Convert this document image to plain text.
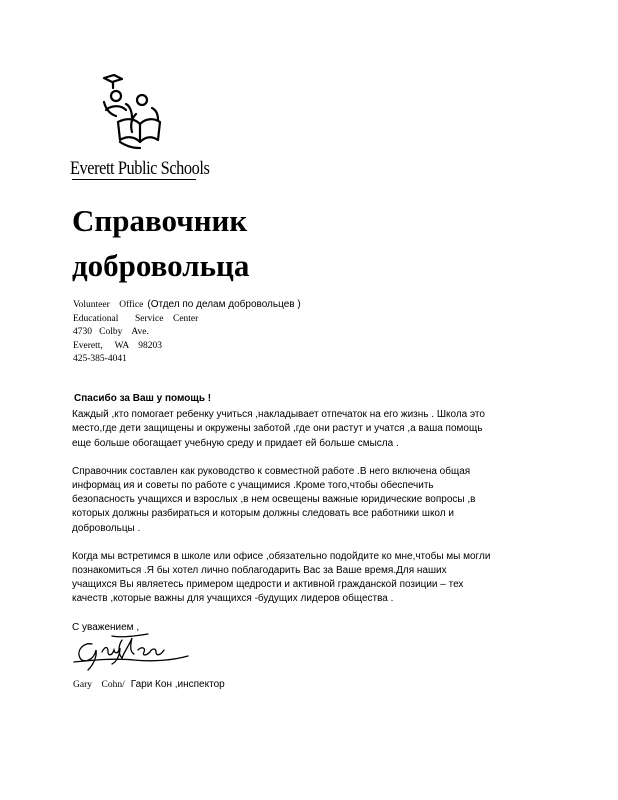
Everett Public Schools
Справочник
добровольца
Volunteer    Office (Отдел по делам добровольцев )
Educational       Service    Center
4730   Colby    Ave.
Everett,     WA    98203
425-385-4041
Спасибо за Ваш у помощь !
Каждый ,кто помогает ребенку учиться ,накладывает отпечаток на его жизнь . Школа это
место,где дети защищены и окружены заботой ,где они растут и учатся ,а ваша помощь
еще больше обогащает учебную среду и придает ей больше смысла .
Справочник составлен как руководство к совместной работе .В него включена общая
информац ия и советы по работе с учащимися .Кроме того,чтобы обеспечить
безопасность учащихся и взрослых ,в нем освещены важные юридические вопросы ,в
которых должны разбираться и которым должны следовать все работники школ и
добровольцы .
Когда мы встретимся в школе или офисе ,обязательно подойдите ко мне,чтобы мы могли
познакомиться .Я бы хотел лично поблагодарить Вас за Ваше время.Для наших
учащихся Вы являетесь примером щедрости и активной гражданской позиции – тех
качеств ,которые важны для учащихся -будущих лидеров общества .
С уважением ,
Gary    Cohn/ Гари Кон ,инспектор
